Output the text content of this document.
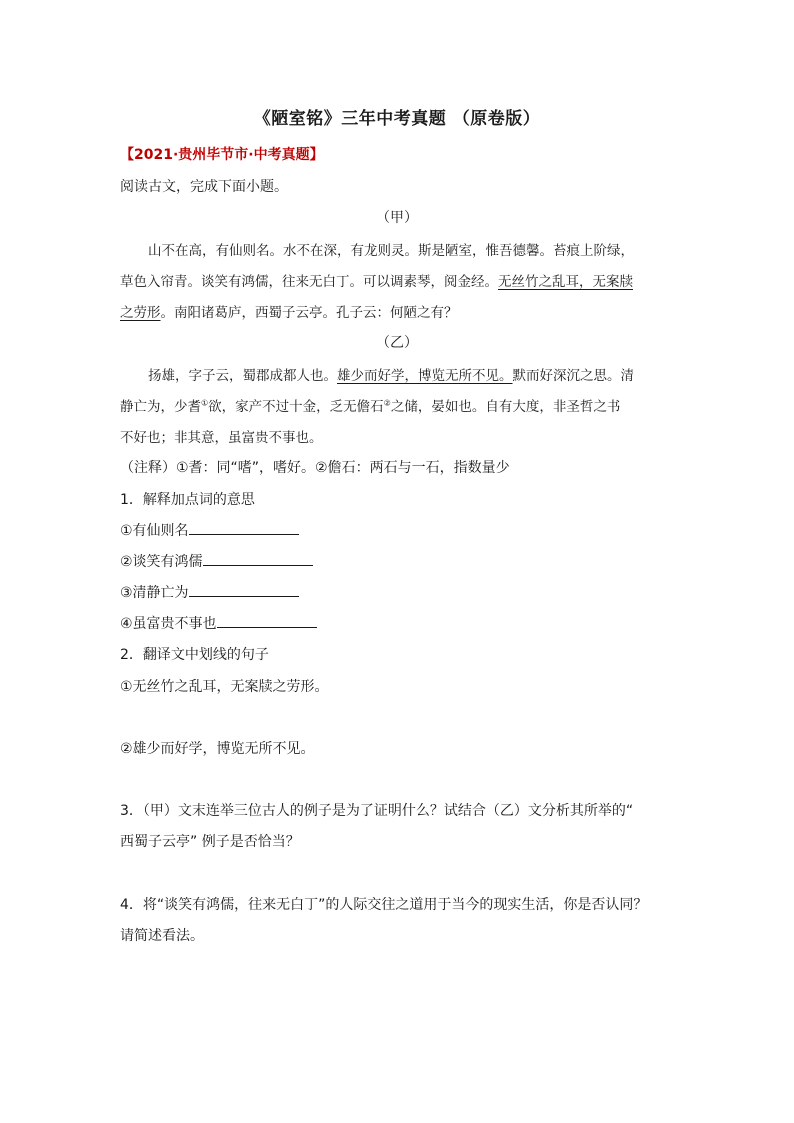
《陋室铭》三年中考真题 （原卷版）
【2021·贵州毕节市·中考真题】
阅读古文，完成下面小题。
（甲）
山不在高，有仙则名。水不在深，有龙则灵。斯是陋室，惟吾德馨。苔痕上阶绿，
草色入帘青。谈笑有鸿儒，往来无白丁。可以调素琴，阅金经。无丝竹之乱耳，无案牍
之劳形。南阳诸葛庐，西蜀子云亭。孔子云：何陋之有？
（乙）
扬雄，字子云，蜀郡成都人也。雄少而好学，博览无所不见。默而好深沉之思。清
静亡为，少耆①欲，家产不过十金，乏无儋石②之储，晏如也。自有大度，非圣哲之书
不好也；非其意，虽富贵不事也。
（注释）①耆：同“嗜”，嗜好。②儋石：两石与一石，指数量少
1．解释加点词的意思
①有仙则名
②谈笑有鸿儒
③清静亡为
④虽富贵不事也
2．翻译文中划线的句子
①无丝竹之乱耳，无案牍之劳形。
②雄少而好学，博览无所不见。
3．（甲）文末连举三位古人的例子是为了证明什么？试结合（乙）文分析其所举的“
西蜀子云亭” 例子是否恰当？
4．将“谈笑有鸿儒，往来无白丁”的人际交往之道用于当今的现实生活，你是否认同？
请简述看法。
